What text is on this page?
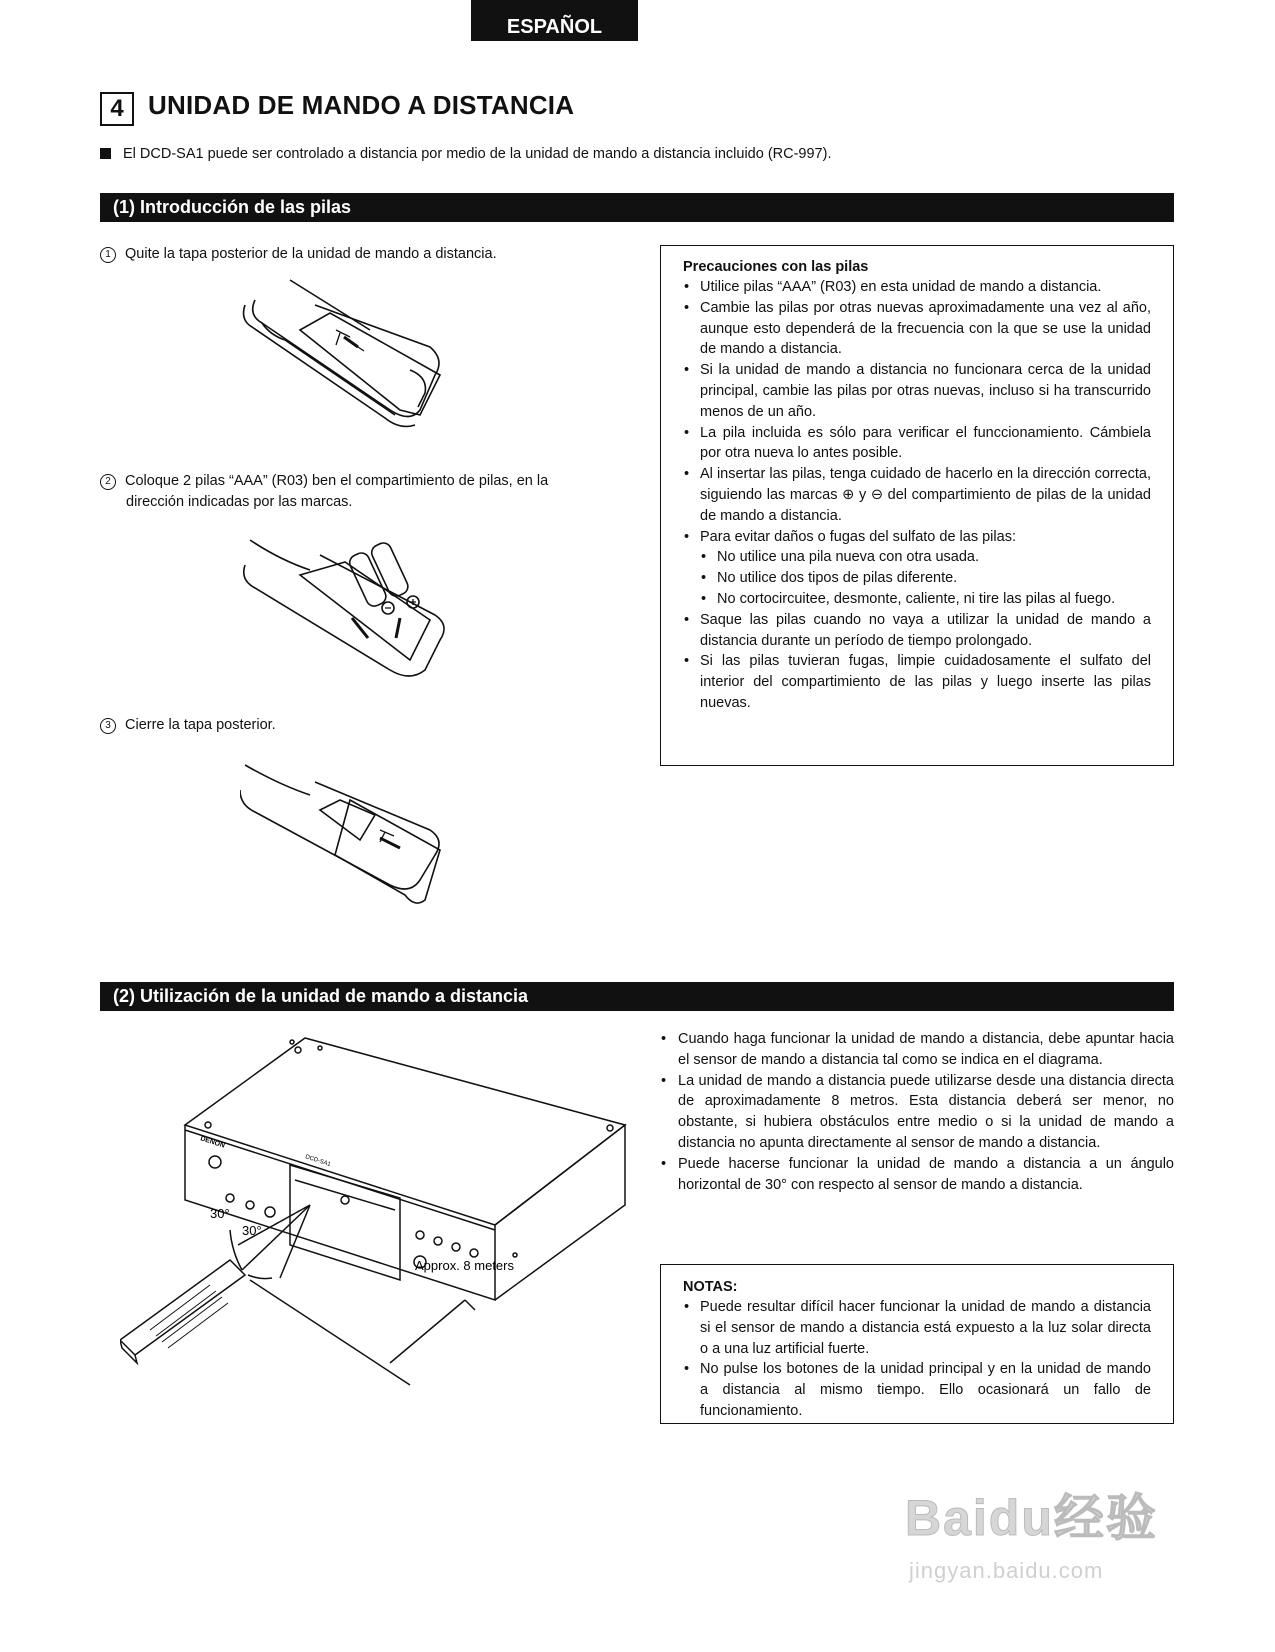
ESPAÑOL
4 UNIDAD DE MANDO A DISTANCIA
El DCD-SA1 puede ser controlado a distancia por medio de la unidad de mando a distancia incluido (RC-997).
(1) Introducción de las pilas
1 Quite la tapa posterior de la unidad de mando a distancia.
2 Coloque 2 pilas “AAA” (R03) ben el compartimiento de pilas, en la
dirección indicadas por las marcas.
3 Cierre la tapa posterior.
Precauciones con las pilas
• Utilice pilas “AAA” (R03) en esta unidad de mando a distancia.
• Cambie las pilas por otras nuevas aproximadamente una vez al año, aunque esto dependerá de la frecuencia con la que se use la unidad de mando a distancia.
• Si la unidad de mando a distancia no funcionara cerca de la unidad principal, cambie las pilas por otras nuevas, incluso si ha transcurrido menos de un año.
• La pila incluida es sólo para verificar el funccionamiento. Cámbiela por otra nueva lo antes posible.
• Al insertar las pilas, tenga cuidado de hacerlo en la dirección correcta, siguiendo las marcas ⊕ y ⊖ del compartimiento de pilas de la unidad de mando a distancia.
• Para evitar daños o fugas del sulfato de las pilas:
• No utilice una pila nueva con otra usada.
• No utilice dos tipos de pilas diferente.
• No cortocircuitee, desmonte, caliente, ni tire las pilas al fuego.
• Saque las pilas cuando no vaya a utilizar la unidad de mando a distancia durante un período de tiempo prolongado.
• Si las pilas tuvieran fugas, limpie cuidadosamente el sulfato del interior del compartimiento de las pilas y luego inserte las pilas nuevas.
(2) Utilización de la unidad de mando a distancia
30°
30°
Approx. 8 meters
DENON
DCD-SA1
• Cuando haga funcionar la unidad de mando a distancia, debe apuntar hacia el sensor de mando a distancia tal como se indica en el diagrama.
• La unidad de mando a distancia puede utilizarse desde una distancia directa de aproximadamente 8 metros. Esta distancia deberá ser menor, no obstante, si hubiera obstáculos entre medio o si la unidad de mando a distancia no apunta directamente al sensor de mando a distancia.
• Puede hacerse funcionar la unidad de mando a distancia a un ángulo horizontal de 30° con respecto al sensor de mando a distancia.
NOTAS:
• Puede resultar difícil hacer funcionar la unidad de mando a distancia si el sensor de mando a distancia está expuesto a la luz solar directa o a una luz artificial fuerte.
• No pulse los botones de la unidad principal y en la unidad de mando a distancia al mismo tiempo. Ello ocasionará un fallo de funcionamiento.
Baidu经验
jingyan.baidu.com
